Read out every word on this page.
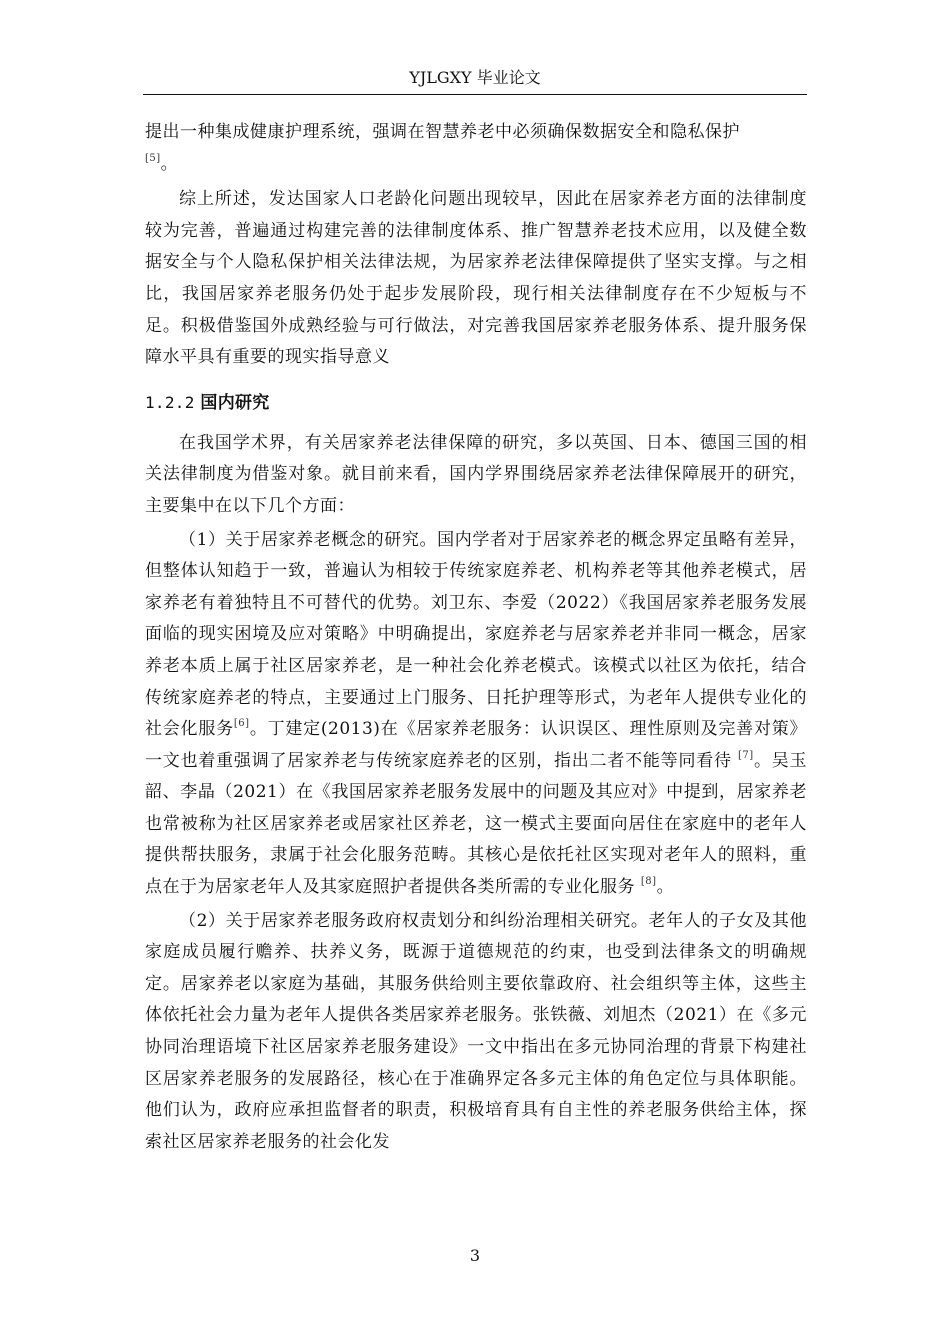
YJLGXY 毕业论文

提出一种集成健康护理系统，强调在智慧养老中必须确保数据安全和隐私保护
[5]。

综上所述，发达国家人口老龄化问题出现较早，因此在居家养老方面的法律制度较为完善，普遍通过构建完善的法律制度体系、推广智慧养老技术应用，以及健全数据安全与个人隐私保护相关法律法规，为居家养老法律保障提供了坚实支撑。与之相比，我国居家养老服务仍处于起步发展阶段，现行相关法律制度存在不少短板与不足。积极借鉴国外成熟经验与可行做法，对完善我国居家养老服务体系、提升服务保障水平具有重要的现实指导意义

1.2.2 国内研究

在我国学术界，有关居家养老法律保障的研究，多以英国、日本、德国三国的相关法律制度为借鉴对象。就目前来看，国内学界围绕居家养老法律保障展开的研究，主要集中在以下几个方面：

（1）关于居家养老概念的研究。国内学者对于居家养老的概念界定虽略有差异，但整体认知趋于一致，普遍认为相较于传统家庭养老、机构养老等其他养老模式，居家养老有着独特且不可替代的优势。刘卫东、李爱（2022）《我国居家养老服务发展面临的现实困境及应对策略》中明确提出，家庭养老与居家养老并非同一概念，居家养老本质上属于社区居家养老，是一种社会化养老模式。该模式以社区为依托，结合传统家庭养老的特点，主要通过上门服务、日托护理等形式，为老年人提供专业化的社会化服务[6]。丁建定(2013)在《居家养老服务：认识误区、理性原则及完善对策》一文也着重强调了居家养老与传统家庭养老的区别，指出二者不能等同看待 [7]。吴玉韶、李晶（2021）在《我国居家养老服务发展中的问题及其应对》中提到，居家养老也常被称为社区居家养老或居家社区养老，这一模式主要面向居住在家庭中的老年人提供帮扶服务，隶属于社会化服务范畴。其核心是依托社区实现对老年人的照料，重点在于为居家老年人及其家庭照护者提供各类所需的专业化服务 [8]。

（2）关于居家养老服务政府权责划分和纠纷治理相关研究。老年人的子女及其他家庭成员履行赡养、扶养义务，既源于道德规范的约束，也受到法律条文的明确规定。居家养老以家庭为基础，其服务供给则主要依靠政府、社会组织等主体，这些主体依托社会力量为老年人提供各类居家养老服务。张铁薇、刘旭杰（2021）在《多元协同治理语境下社区居家养老服务建设》一文中指出在多元协同治理的背景下构建社区居家养老服务的发展路径，核心在于准确界定各多元主体的角色定位与具体职能。他们认为，政府应承担监督者的职责，积极培育具有自主性的养老服务供给主体，探索社区居家养老服务的社会化发

3
